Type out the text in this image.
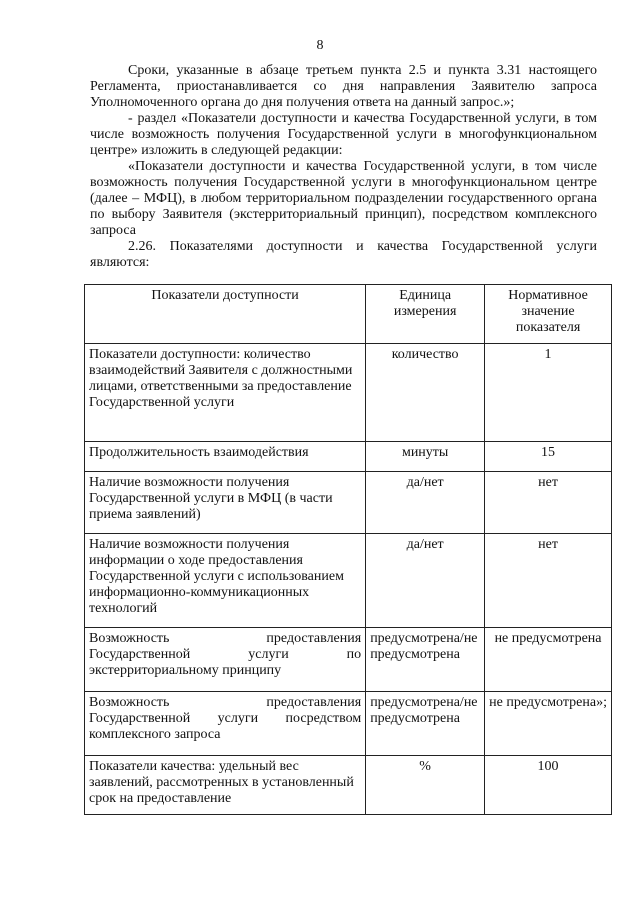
8

Сроки, указанные в абзаце третьем пункта 2.5 и пункта 3.31 настоящего Регламента, приостанавливается со дня направления Заявителю запроса Уполномоченного органа до дня получения ответа на данный запрос.»;

- раздел «Показатели доступности и качества Государственной услуги, в том числе возможность получения Государственной услуги в многофункциональном центре» изложить в следующей редакции:

«Показатели доступности и качества Государственной услуги, в том числе возможность получения Государственной услуги в многофункциональном центре (далее – МФЦ), в любом территориальном подразделении государственного органа по выбору Заявителя (экстерриториальный принцип), посредством комплексного запроса

2.26. Показателями доступности и качества Государственной услуги являются:

Показатели доступности	Единица измерения	Нормативное значение показателя
Показатели доступности: количество взаимодействий Заявителя с должностными лицами, ответственными за предоставление Государственной услуги	количество	1
Продолжительность взаимодействия	минуты	15
Наличие возможности получения Государственной услуги в МФЦ (в части приема заявлений)	да/нет	нет
Наличие возможности получения информации о ходе предоставления Государственной услуги с использованием информационно-коммуникационных технологий	да/нет	нет
Возможность предоставления Государственной услуги по экстерриториальному принципу	предусмотрена/не предусмотрена	не предусмотрена
Возможность предоставления Государственной услуги посредством комплексного запроса	предусмотрена/не предусмотрена	не предусмотрена»;
Показатели качества: удельный вес заявлений, рассмотренных в установленный срок на предоставление	%	100
